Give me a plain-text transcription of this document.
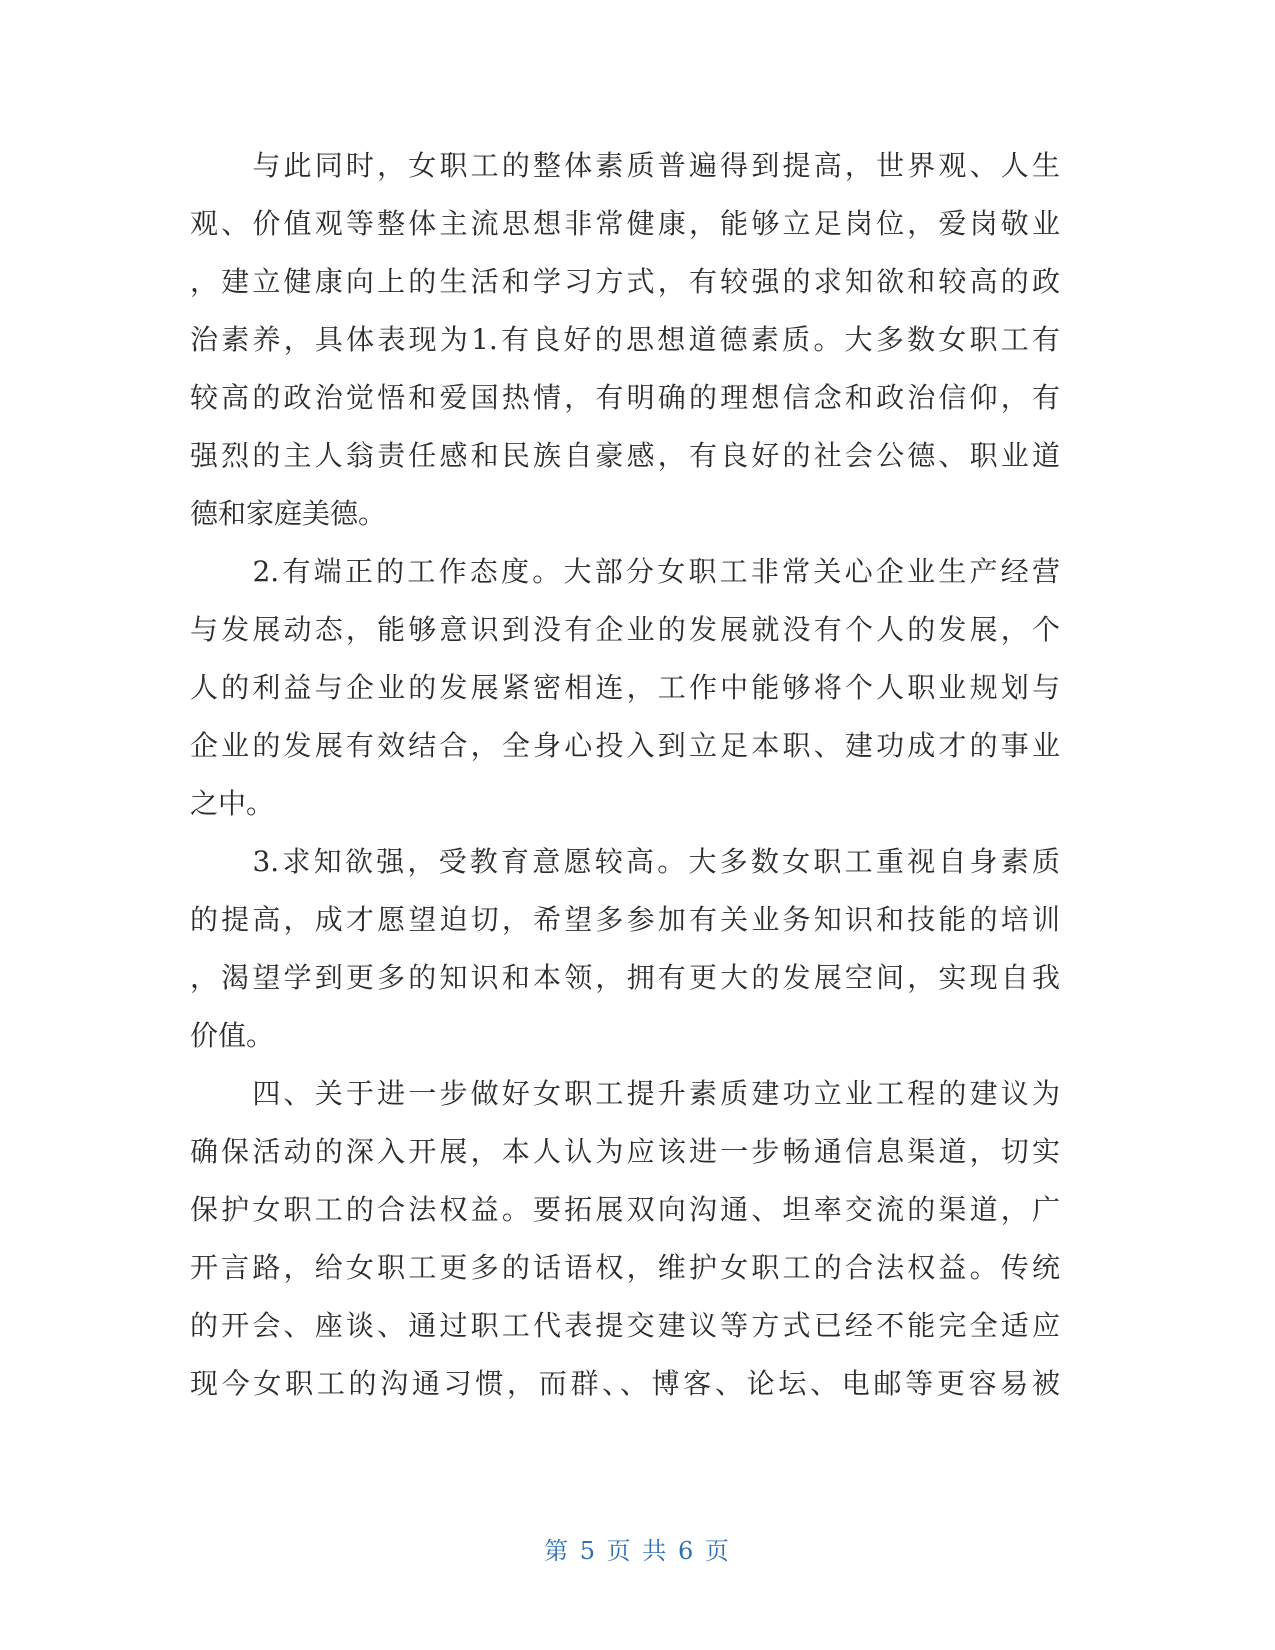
　　与此同时，女职工的整体素质普遍得到提高，世界观、人生
观、价值观等整体主流思想非常健康，能够立足岗位，爱岗敬业
，建立健康向上的生活和学习方式，有较强的求知欲和较高的政
治素养，具体表现为1.有良好的思想道德素质。大多数女职工有
较高的政治觉悟和爱国热情，有明确的理想信念和政治信仰，有
强烈的主人翁责任感和民族自豪感，有良好的社会公德、职业道
德和家庭美德。
　　2.有端正的工作态度。大部分女职工非常关心企业生产经营
与发展动态，能够意识到没有企业的发展就没有个人的发展，个
人的利益与企业的发展紧密相连，工作中能够将个人职业规划与
企业的发展有效结合，全身心投入到立足本职、建功成才的事业
之中。
　　3.求知欲强，受教育意愿较高。大多数女职工重视自身素质
的提高，成才愿望迫切，希望多参加有关业务知识和技能的培训
，渴望学到更多的知识和本领，拥有更大的发展空间，实现自我
价值。
　　四、关于进一步做好女职工提升素质建功立业工程的建议为
确保活动的深入开展，本人认为应该进一步畅通信息渠道，切实
保护女职工的合法权益。要拓展双向沟通、坦率交流的渠道，广
开言路，给女职工更多的话语权，维护女职工的合法权益。传统
的开会、座谈、通过职工代表提交建议等方式已经不能完全适应
现今女职工的沟通习惯，而群、、博客、论坛、电邮等更容易被
第 5 页 共 6 页
